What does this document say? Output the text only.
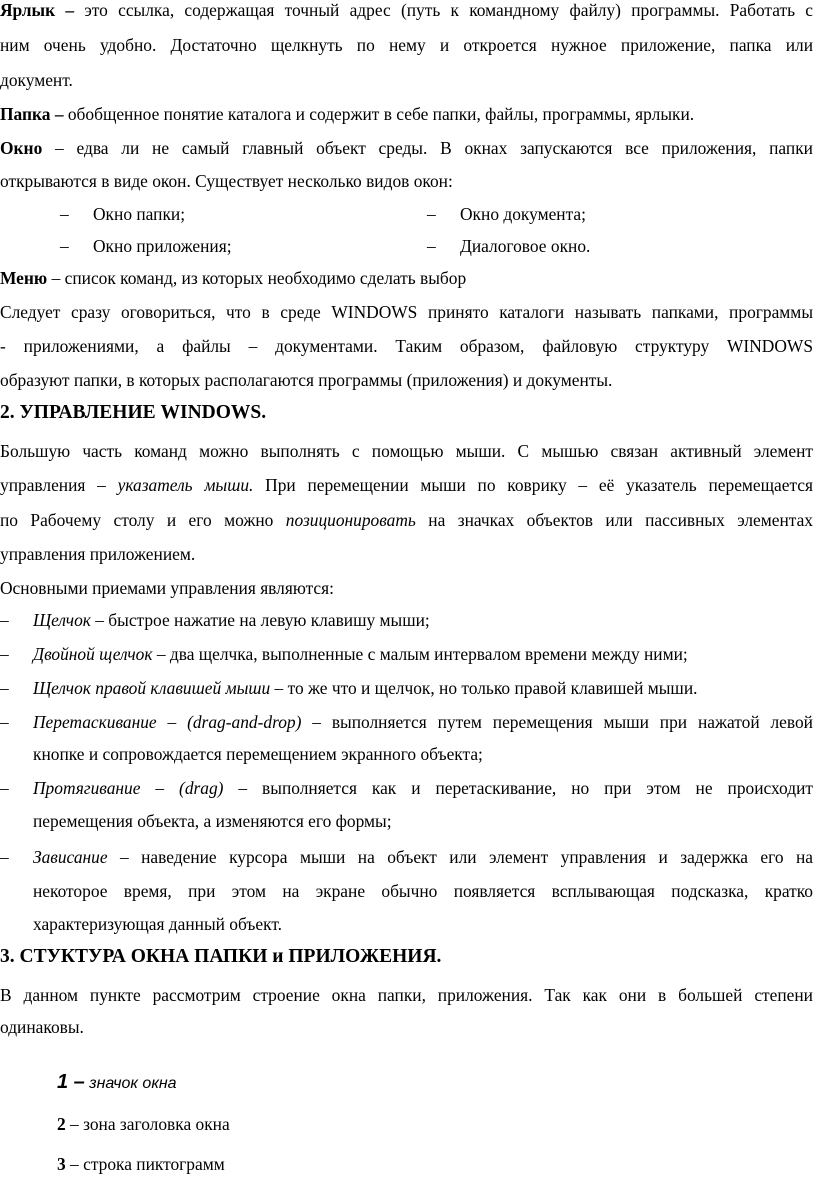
Ярлык – это ссылка, содержащая точный адрес (путь к командному файлу) программы. Работать с
ним очень удобно. Достаточно щелкнуть по нему и откроется нужное приложение, папка или
документ.
Папка – обобщенное понятие каталога и содержит в себе папки, файлы, программы, ярлыки.
Окно – едва ли не самый главный объект среды. В окнах запускаются все приложения, папки
открываются в виде окон. Существует несколько видов окон:
– Окно папки;	– Окно документа;
– Окно приложения;	– Диалоговое окно.
Меню – список команд, из которых необходимо сделать выбор
Следует сразу оговориться, что в среде WINDOWS принято каталоги называть папками, программы
- приложениями, а файлы – документами. Таким образом, файловую структуру WINDOWS
образуют папки, в которых располагаются программы (приложения) и документы.
2. УПРАВЛЕНИЕ WINDOWS.
Большую часть команд можно выполнять с помощью мыши. С мышью связан активный элемент
управления – указатель мыши. При перемещении мыши по коврику – её указатель перемещается
по Рабочему столу и его можно позиционировать на значках объектов или пассивных элементах
управления приложением.
Основными приемами управления являются:
– Щелчок – быстрое нажатие на левую клавишу мыши;
– Двойной щелчок – два щелчка, выполненные с малым интервалом времени между ними;
– Щелчок правой клавишей мыши – то же что и щелчок, но только правой клавишей мыши.
– Перетаскивание – (drag-and-drop) – выполняется путем перемещения мыши при нажатой левой
кнопке и сопровождается перемещением экранного объекта;
– Протягивание – (drag) – выполняется как и перетаскивание, но при этом не происходит
перемещения объекта, а изменяются его формы;
– Зависание – наведение курсора мыши на объект или элемент управления и задержка его на
некоторое время, при этом на экране обычно появляется всплывающая подсказка, кратко
характеризующая данный объект.
3. СТУКТУРА ОКНА ПАПКИ и ПРИЛОЖЕНИЯ.
В данном пункте рассмотрим строение окна папки, приложения. Так как они в большей степени
одинаковы.
1 – значок окна
2 – зона заголовка окна
3 – строка пиктограмм
